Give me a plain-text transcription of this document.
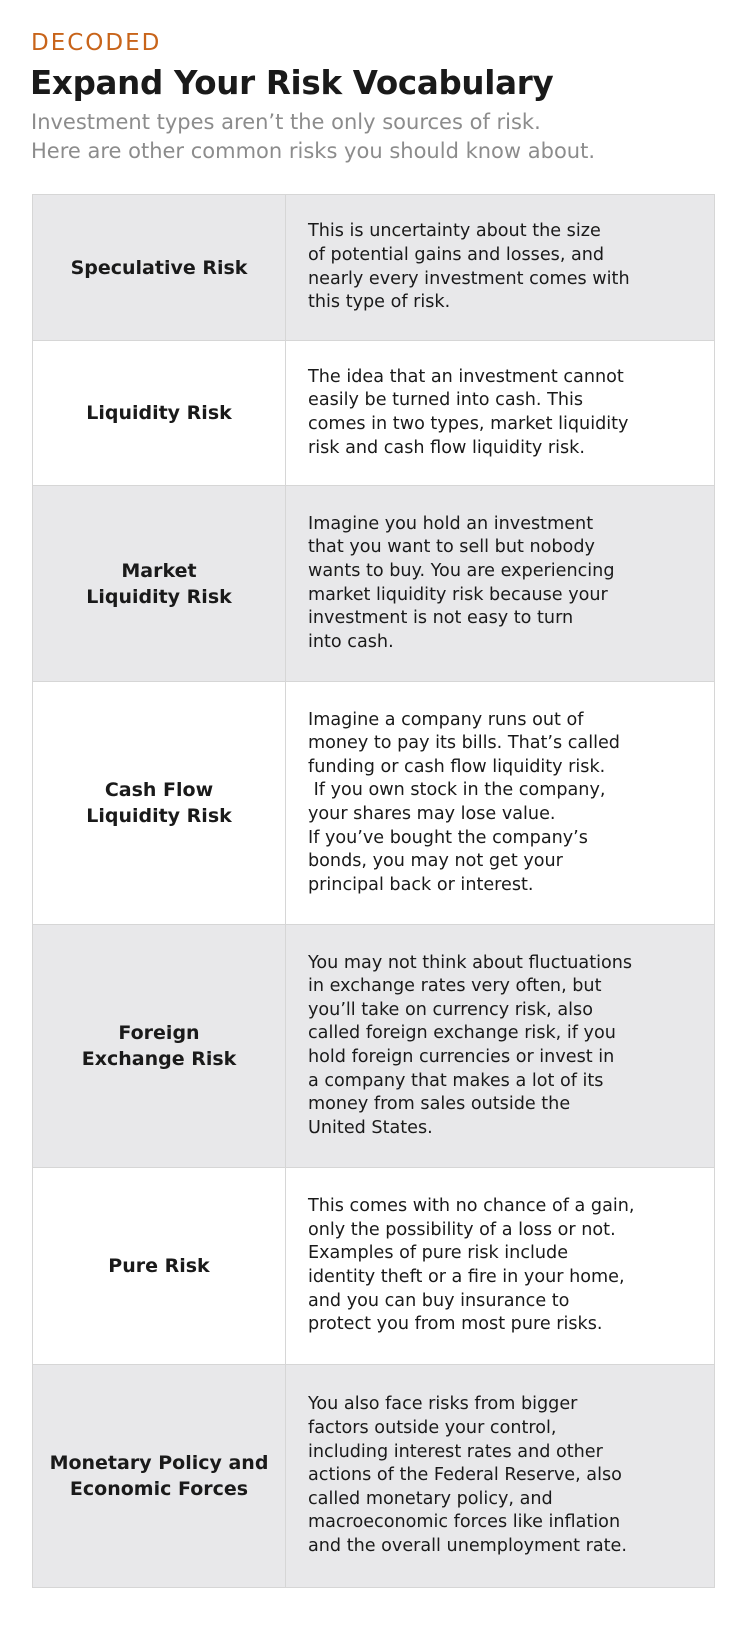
DECODED
Expand Your Risk Vocabulary
Investment types aren’t the only sources of risk.
Here are other common risks you should know about.
Speculative Risk
This is uncertainty about the size
of potential gains and losses, and
nearly every investment comes with
this type of risk.
Liquidity Risk
The idea that an investment cannot
easily be turned into cash. This
comes in two types, market liquidity
risk and cash flow liquidity risk.
Market
Liquidity Risk
Imagine you hold an investment
that you want to sell but nobody
wants to buy. You are experiencing
market liquidity risk because your
investment is not easy to turn
into cash.
Cash Flow
Liquidity Risk
Imagine a company runs out of
money to pay its bills. That’s called
funding or cash flow liquidity risk.
If you own stock in the company,
your shares may lose value.
If you’ve bought the company’s
bonds, you may not get your
principal back or interest.
Foreign
Exchange Risk
You may not think about fluctuations
in exchange rates very often, but
you’ll take on currency risk, also
called foreign exchange risk, if you
hold foreign currencies or invest in
a company that makes a lot of its
money from sales outside the
United States.
Pure Risk
This comes with no chance of a gain,
only the possibility of a loss or not.
Examples of pure risk include
identity theft or a fire in your home,
and you can buy insurance to
protect you from most pure risks.
Monetary Policy and
Economic Forces
You also face risks from bigger
factors outside your control,
including interest rates and other
actions of the Federal Reserve, also
called monetary policy, and
macroeconomic forces like inflation
and the overall unemployment rate.
